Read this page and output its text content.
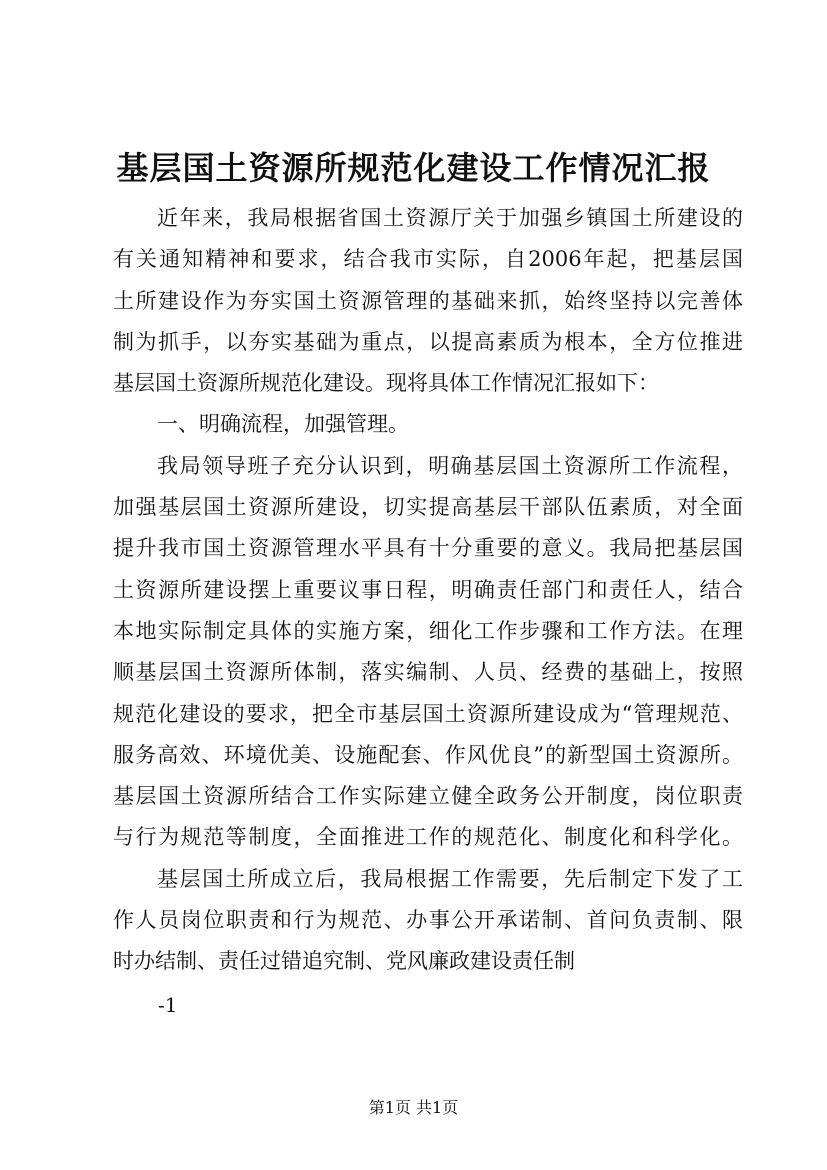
基层国土资源所规范化建设工作情况汇报
近年来，我局根据省国土资源厅关于加强乡镇国土所建设的
有关通知精神和要求，结合我市实际，自2006年起，把基层国
土所建设作为夯实国土资源管理的基础来抓，始终坚持以完善体
制为抓手，以夯实基础为重点，以提高素质为根本，全方位推进
基层国土资源所规范化建设。现将具体工作情况汇报如下：
一、明确流程，加强管理。
我局领导班子充分认识到，明确基层国土资源所工作流程，
加强基层国土资源所建设，切实提高基层干部队伍素质，对全面
提升我市国土资源管理水平具有十分重要的意义。我局把基层国
土资源所建设摆上重要议事日程，明确责任部门和责任人，结合
本地实际制定具体的实施方案，细化工作步骤和工作方法。在理
顺基层国土资源所体制，落实编制、人员、经费的基础上，按照
规范化建设的要求，把全市基层国土资源所建设成为“管理规范、
服务高效、环境优美、设施配套、作风优良”的新型国土资源所。
基层国土资源所结合工作实际建立健全政务公开制度，岗位职责
与行为规范等制度，全面推进工作的规范化、制度化和科学化。
基层国土所成立后，我局根据工作需要，先后制定下发了工
作人员岗位职责和行为规范、办事公开承诺制、首问负责制、限
时办结制、责任过错追究制、党风廉政建设责任制
-1
第1页 共1页
